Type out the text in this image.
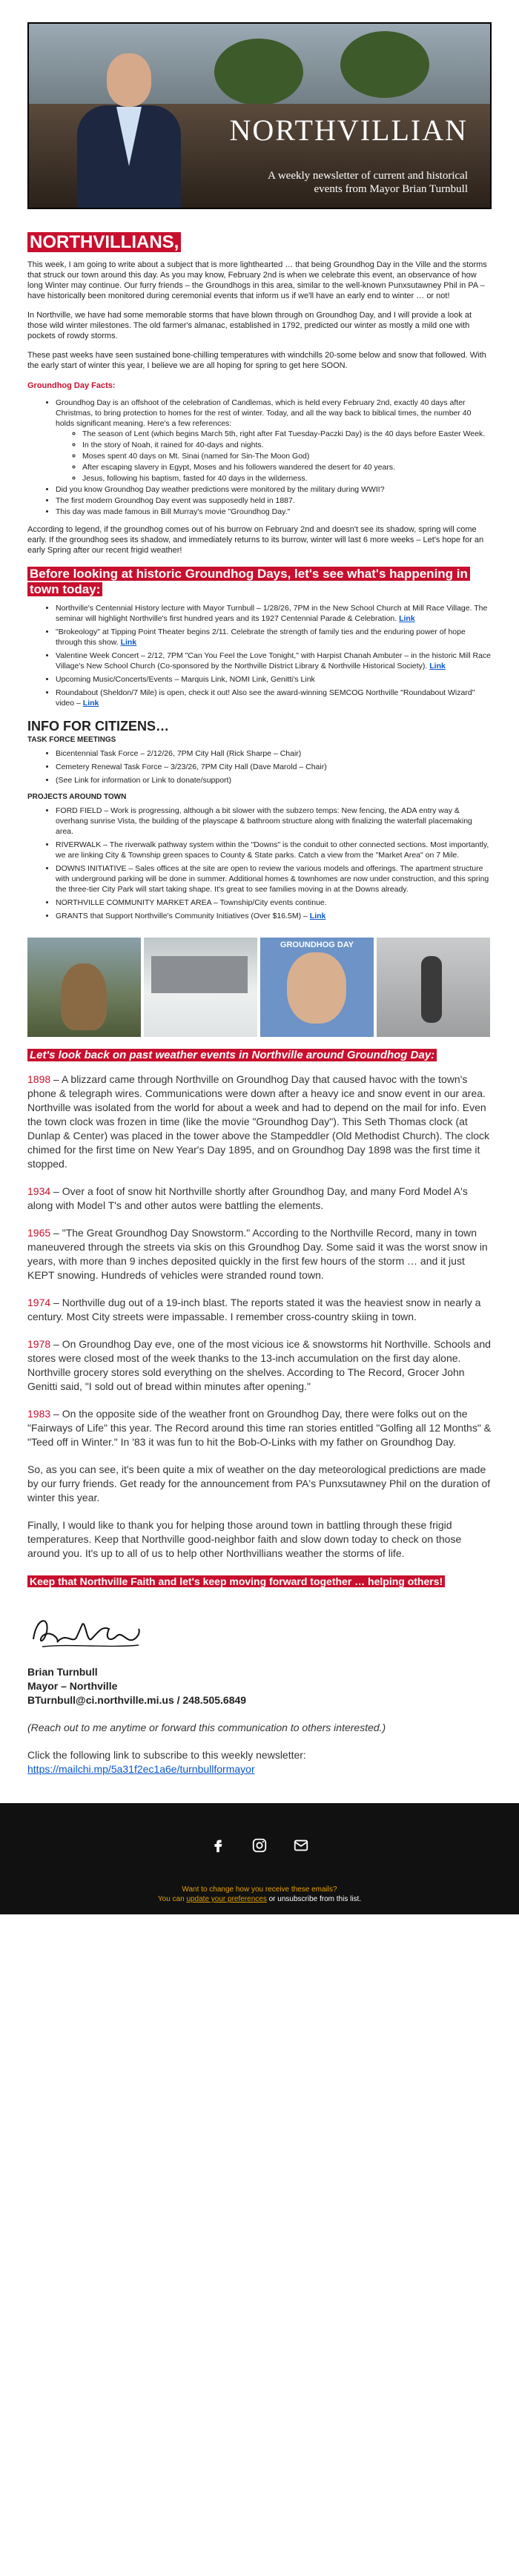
NORTHVILLIAN
A weekly newsletter of current and historical events from Mayor Brian Turnbull
NORTHVILLIANS,

This week, I am going to write about a subject that is more lighthearted … that being Groundhog Day in the Ville and the storms that struck our town around this day. As you may know, February 2nd is when we celebrate this event, an observance of how long Winter may continue. Our furry friends – the Groundhogs in this area, similar to the well-known Punxsutawney Phil in PA – have historically been monitored during ceremonial events that inform us if we'll have an early end to winter … or not!

In Northville, we have had some memorable storms that have blown through on Groundhog Day, and I will provide a look at those wild winter milestones. The old farmer's almanac, established in 1792, predicted our winter as mostly a mild one with pockets of rowdy storms.

These past weeks have seen sustained bone-chilling temperatures with windchills 20-some below and snow that followed. With the early start of winter this year, I believe we are all hoping for spring to get here SOON.

Groundhog Day Facts:
• Groundhog Day is an offshoot of the celebration of Candlemas, which is held every February 2nd, exactly 40 days after Christmas, to bring protection to homes for the rest of winter. Today, and all the way back to biblical times, the number 40 holds significant meaning. Here's a few references:
◦ The season of Lent (which begins March 5th, right after Fat Tuesday-Paczki Day) is the 40 days before Easter Week.
◦ In the story of Noah, it rained for 40-days and nights.
◦ Moses spent 40 days on Mt. Sinai (named for Sin-The Moon God)
◦ After escaping slavery in Egypt, Moses and his followers wandered the desert for 40 years.
◦ Jesus, following his baptism, fasted for 40 days in the wilderness.
• Did you know Groundhog Day weather predictions were monitored by the military during WWII?
• The first modern Groundhog Day event was supposedly held in 1887.
• This day was made famous in Bill Murray's movie "Groundhog Day."

According to legend, if the groundhog comes out of his burrow on February 2nd and doesn't see its shadow, spring will come early. If the groundhog sees its shadow, and immediately returns to its burrow, winter will last 6 more weeks – Let's hope for an early Spring after our recent frigid weather!

Before looking at historic Groundhog Days, let's see what's happening in town today:
• Northville's Centennial History lecture with Mayor Turnbull – 1/28/26, 7PM in the New School Church at Mill Race Village. The seminar will highlight Northville's first hundred years and its 1927 Centennial Parade & Celebration. Link
• "Brokeology" at Tipping Point Theater begins 2/11. Celebrate the strength of family ties and the enduring power of hope through this show. Link
• Valentine Week Concert – 2/12, 7PM "Can You Feel the Love Tonight," with Harpist Chanah Ambuter – in the historic Mill Race Village's New School Church (Co-sponsored by the Northville District Library & Northville Historical Society). Link
• Upcoming Music/Concerts/Events – Marquis Link, NOMI Link, Genitti's Link
• Roundabout (Sheldon/7 Mile) is open, check it out! Also see the award-winning SEMCOG Northville "Roundabout Wizard" video – Link
INFO FOR CITIZENS…
TASK FORCE MEETINGS
• Bicentennial Task Force – 2/12/26, 7PM City Hall (Rick Sharpe – Chair)
• Cemetery Renewal Task Force – 3/23/26, 7PM City Hall (Dave Marold – Chair)
• (See Link for information or Link to donate/support)
PROJECTS AROUND TOWN
• FORD FIELD – Work is progressing, although a bit slower with the subzero temps: New fencing, the ADA entry way & overhang sunrise Vista, the building of the playscape & bathroom structure along with finalizing the waterfall placemaking area.
• RIVERWALK – The riverwalk pathway system within the "Downs" is the conduit to other connected sections. Most importantly, we are linking City & Township green spaces to County & State parks. Catch a view from the "Market Area" on 7 Mile.
• DOWNS INITIATIVE – Sales offices at the site are open to review the various models and offerings. The apartment structure with underground parking will be done in summer. Additional homes & townhomes are now under construction, and this spring the three-tier City Park will start taking shape. It's great to see families moving in at the Downs already.
• NORTHVILLE COMMUNITY MARKET AREA – Township/City events continue.
• GRANTS that Support Northville's Community Initiatives (Over $16.5M) – Link
GROUNDHOG DAY
Let's look back on past weather events in Northville around Groundhog Day:

1898 – A blizzard came through Northville on Groundhog Day that caused havoc with the town's phone & telegraph wires. Communications were down after a heavy ice and snow event in our area. Northville was isolated from the world for about a week and had to depend on the mail for info. Even the town clock was frozen in time (like the movie "Groundhog Day"). This Seth Thomas clock (at Dunlap & Center) was placed in the tower above the Stampeddler (Old Methodist Church). The clock chimed for the first time on New Year's Day 1895, and on Groundhog Day 1898 was the first time it stopped.

1934 – Over a foot of snow hit Northville shortly after Groundhog Day, and many Ford Model A's along with Model T's and other autos were battling the elements.

1965 – "The Great Groundhog Day Snowstorm." According to the Northville Record, many in town maneuvered through the streets via skis on this Groundhog Day. Some said it was the worst snow in years, with more than 9 inches deposited quickly in the first few hours of the storm … and it just KEPT snowing. Hundreds of vehicles were stranded round town.

1974 – Northville dug out of a 19-inch blast. The reports stated it was the heaviest snow in nearly a century. Most City streets were impassable. I remember cross-country skiing in town.

1978 – On Groundhog Day eve, one of the most vicious ice & snowstorms hit Northville. Schools and stores were closed most of the week thanks to the 13-inch accumulation on the first day alone. Northville grocery stores sold everything on the shelves. According to The Record, Grocer John Genitti said, "I sold out of bread within minutes after opening."

1983 – On the opposite side of the weather front on Groundhog Day, there were folks out on the "Fairways of Life" this year. The Record around this time ran stories entitled "Golfing all 12 Months" & "Teed off in Winter." In '83 it was fun to hit the Bob-O-Links with my father on Groundhog Day.

So, as you can see, it's been quite a mix of weather on the day meteorological predictions are made by our furry friends. Get ready for the announcement from PA's Punxsutawney Phil on the duration of winter this year.

Finally, I would like to thank you for helping those around town in battling through these frigid temperatures. Keep that Northville good-neighbor faith and slow down today to check on those around you. It's up to all of us to help other Northvillians weather the storms of life.

Keep that Northville Faith and let's keep moving forward together … helping others!
Brian Turnbull
Mayor – Northville
BTurnbull@ci.northville.mi.us / 248.505.6849

(Reach out to me anytime or forward this communication to others interested.)

Click the following link to subscribe to this weekly newsletter:

https://mailchi.mp/5a31f2ec1a6e/turnbullformayor

Want to change how you receive these emails?
You can update your preferences or unsubscribe from this list.
